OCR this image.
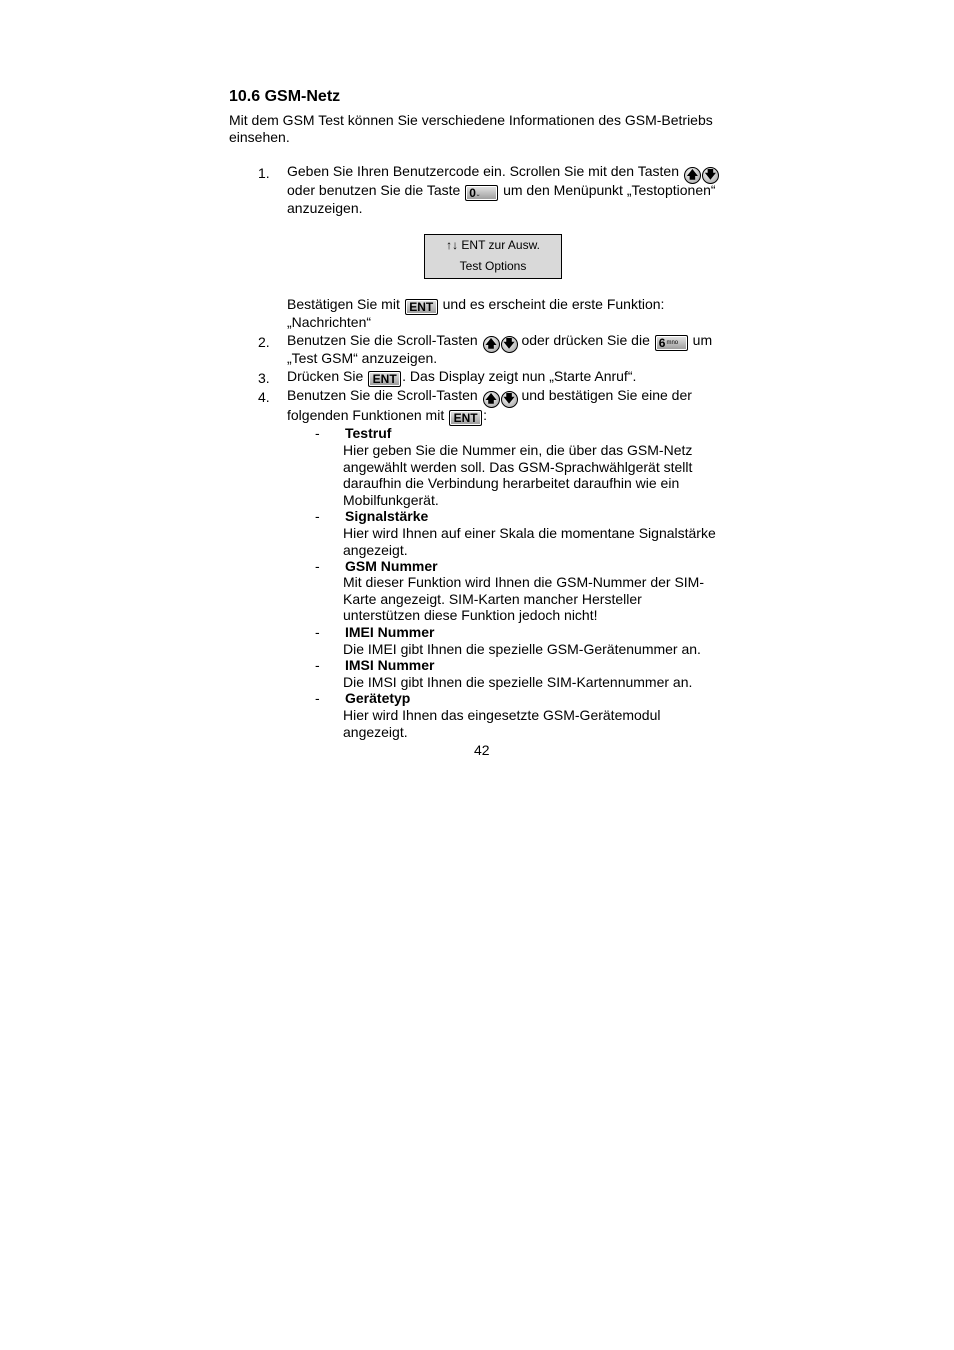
10.6 GSM-Netz
Mit dem GSM Test können Sie verschiedene Informationen des GSM-Betriebs
einsehen.
1. Geben Sie Ihren Benutzercode ein. Scrollen Sie mit den Tasten 🡅 🡇
oder benutzen Sie die Taste 0⎵ um den Menüpunkt „Testoptionen“
anzuzeigen.
↑↓ ENT zur Ausw.
Test Options
Bestätigen Sie mit ENT und es erscheint die erste Funktion:
„Nachrichten“
2. Benutzen Sie die Scroll-Tasten 🡅 🡇 oder drücken Sie die 6mno um
„Test GSM“ anzuzeigen.
3. Drücken Sie ENT . Das Display zeigt nun „Starte Anruf“.
4. Benutzen Sie die Scroll-Tasten 🡅 🡇 und bestätigen Sie eine der
folgenden Funktionen mit ENT :
- Testruf
Hier geben Sie die Nummer ein, die über das GSM-Netz
angewählt werden soll. Das GSM-Sprachwählgerät stellt
daraufhin die Verbindung herarbeitet daraufhin wie ein
Mobilfunkgerät.
- Signalstärke
Hier wird Ihnen auf einer Skala die momentane Signalstärke
angezeigt.
- GSM Nummer
Mit dieser Funktion wird Ihnen die GSM-Nummer der SIM-
Karte angezeigt. SIM-Karten mancher Hersteller
unterstützen diese Funktion jedoch nicht!
- IMEI Nummer
Die IMEI gibt Ihnen die spezielle GSM-Gerätenummer an.
- IMSI Nummer
Die IMSI gibt Ihnen die spezielle SIM-Kartennummer an.
- Gerätetyp
Hier wird Ihnen das eingesetzte GSM-Gerätemodul
angezeigt.
42
